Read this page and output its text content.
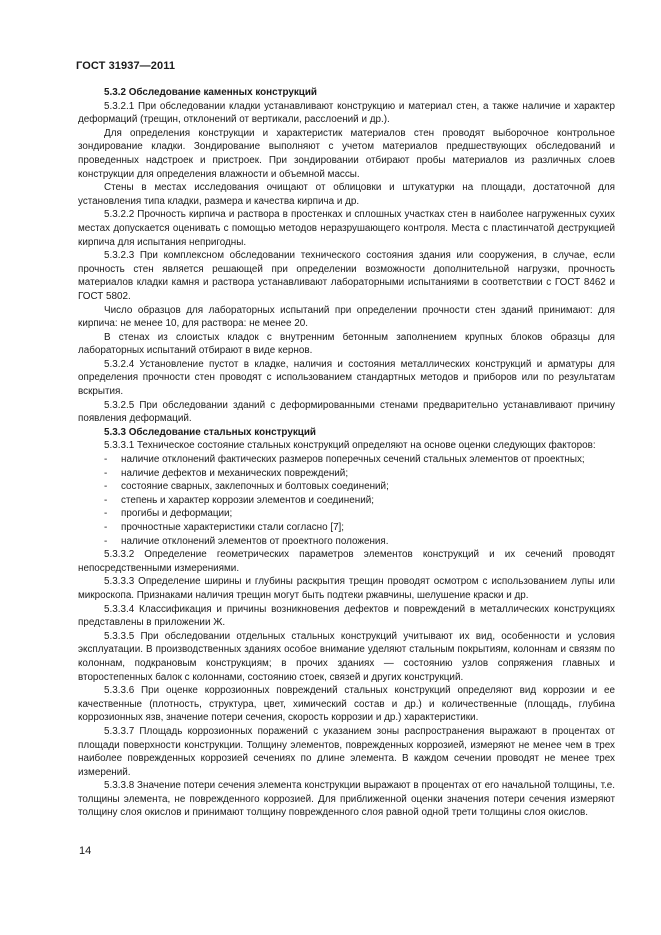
ГОСТ 31937—2011

5.3.2 Обследование каменных конструкций

5.3.2.1 При обследовании кладки устанавливают конструкцию и материал стен, а также наличие и характер деформаций (трещин, отклонений от вертикали, расслоений и др.).

Для определения конструкции и характеристик материалов стен проводят выборочное контрольное зондирование кладки. Зондирование выполняют с учетом материалов предшествующих обследований и проведенных надстроек и пристроек. При зондировании отбирают пробы материалов из различных слоев конструкции для определения влажности и объемной массы.

Стены в местах исследования очищают от облицовки и штукатурки на площади, достаточной для установления типа кладки, размера и качества кирпича и др.

5.3.2.2 Прочность кирпича и раствора в простенках и сплошных участках стен в наиболее нагруженных сухих местах допускается оценивать с помощью методов неразрушающего контроля. Места с пластинчатой деструкцией кирпича для испытания непригодны.

5.3.2.3 При комплексном обследовании технического состояния здания или сооружения, в случае, если прочность стен является решающей при определении возможности дополнительной нагрузки, прочность материалов кладки камня и раствора устанавливают лабораторными испытаниями в соответствии с ГОСТ 8462 и ГОСТ 5802.

Число образцов для лабораторных испытаний при определении прочности стен зданий принимают: для кирпича: не менее 10, для раствора: не менее 20.

В стенах из слоистых кладок с внутренним бетонным заполнением крупных блоков образцы для лабораторных испытаний отбирают в виде кернов.

5.3.2.4 Установление пустот в кладке, наличия и состояния металлических конструкций и арматуры для определения прочности стен проводят с использованием стандартных методов и приборов или по результатам вскрытия.

5.3.2.5 При обследовании зданий с деформированными стенами предварительно устанавливают причину появления деформаций.

5.3.3 Обследование стальных конструкций

5.3.3.1 Техническое состояние стальных конструкций определяют на основе оценки следующих факторов:

- наличие отклонений фактических размеров поперечных сечений стальных элементов от проектных;

- наличие дефектов и механических повреждений;

- состояние сварных, заклепочных и болтовых соединений;

- степень и характер коррозии элементов и соединений;

- прогибы и деформации;

- прочностные характеристики стали согласно [7];

- наличие отклонений элементов от проектного положения.

5.3.3.2 Определение геометрических параметров элементов конструкций и их сечений проводят непосредственными измерениями.

5.3.3.3 Определение ширины и глубины раскрытия трещин проводят осмотром с использованием лупы или микроскопа. Признаками наличия трещин могут быть подтеки ржавчины, шелушение краски и др.

5.3.3.4 Классификация и причины возникновения дефектов и повреждений в металлических конструкциях представлены в приложении Ж.

5.3.3.5 При обследовании отдельных стальных конструкций учитывают их вид, особенности и условия эксплуатации. В производственных зданиях особое внимание уделяют стальным покрытиям, колоннам и связям по колоннам, подкрановым конструкциям; в прочих зданиях — состоянию узлов сопряжения главных и второстепенных балок с колоннами, состоянию стоек, связей и других конструкций.

5.3.3.6 При оценке коррозионных повреждений стальных конструкций определяют вид коррозии и ее качественные (плотность, структура, цвет, химический состав и др.) и количественные (площадь, глубина коррозионных язв, значение потери сечения, скорость коррозии и др.) характеристики.

5.3.3.7 Площадь коррозионных поражений с указанием зоны распространения выражают в процентах от площади поверхности конструкции. Толщину элементов, поврежденных коррозией, измеряют не менее чем в трех наиболее поврежденных коррозией сечениях по длине элемента. В каждом сечении проводят не менее трех измерений.

5.3.3.8 Значение потери сечения элемента конструкции выражают в процентах от его начальной толщины, т.е. толщины элемента, не поврежденного коррозией. Для приближенной оценки значения потери сечения измеряют толщину слоя окислов и принимают толщину поврежденного слоя равной одной трети толщины слоя окислов.

14
